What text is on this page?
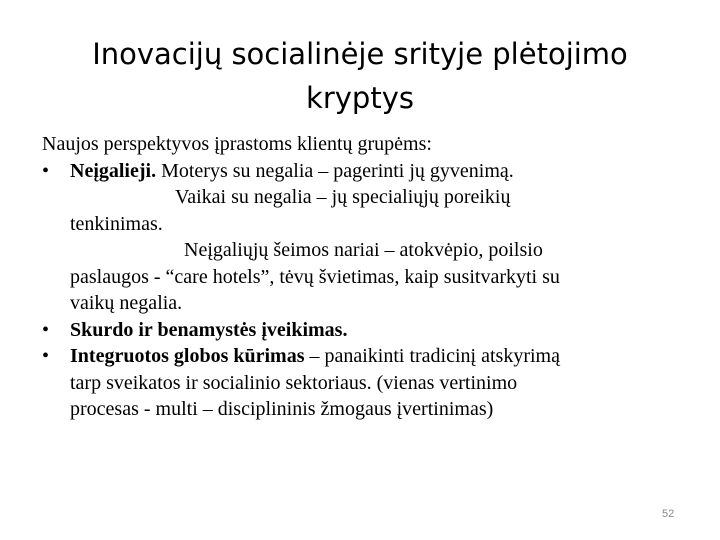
Inovacijų socialinėje srityje plėtojimo
kryptys
Naujos perspektyvos įprastoms klientų grupėms:
• Neįgalieji. Moterys su negalia – pagerinti jų gyvenimą.
Vaikai su negalia – jų specialiųjų poreikių
tenkinimas.
Neįgaliųjų šeimos nariai – atokvėpio, poilsio
paslaugos - “care hotels”, tėvų švietimas, kaip susitvarkyti su
vaikų negalia.
• Skurdo ir benamystės įveikimas.
• Integruotos globos kūrimas – panaikinti tradicinį atskyrimą
tarp sveikatos ir socialinio sektoriaus. (vienas vertinimo
procesas - multi – disciplininis žmogaus įvertinimas)
52
